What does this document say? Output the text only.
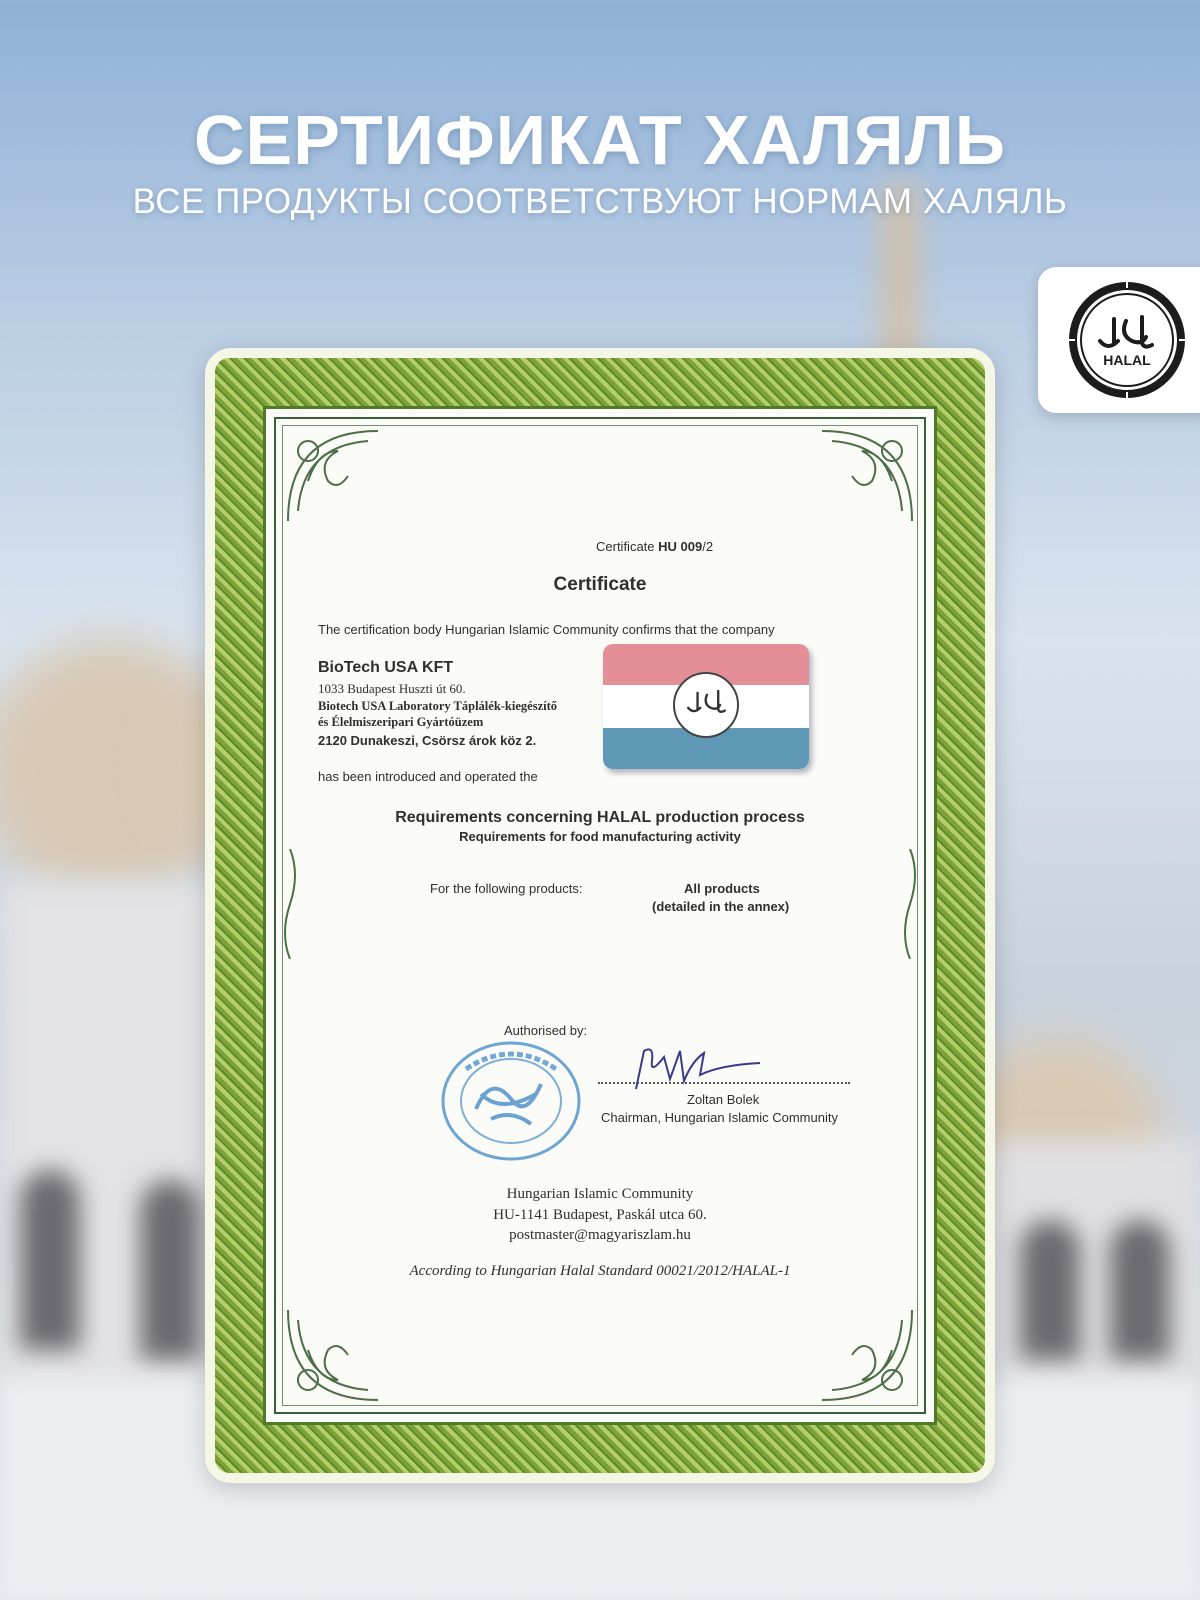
СЕРТИФИКАТ ХАЛЯЛЬ
ВСЕ ПРОДУКТЫ СООТВЕТСТВУЮТ НОРМАМ ХАЛЯЛЬ
HALAL
Certificate HU 009/2
Certificate
The certification body Hungarian Islamic Community confirms that the company
BioTech USA KFT
1033 Budapest Huszti út 60.
Biotech USA Laboratory Táplálék-kiegészítő
és Élelmiszeripari Gyártóüzem
2120 Dunakeszi, Csörsz árok köz 2.
has been introduced and operated the
Requirements concerning HALAL production process
Requirements for food manufacturing activity
For the following products:	All products
(detailed in the annex)
Authorised by:
Zoltan Bolek
Chairman, Hungarian Islamic Community
Hungarian Islamic Community
HU-1141 Budapest, Paskál utca 60.
postmaster@magyariszlam.hu
According to Hungarian Halal Standard 00021/2012/HALAL-1
